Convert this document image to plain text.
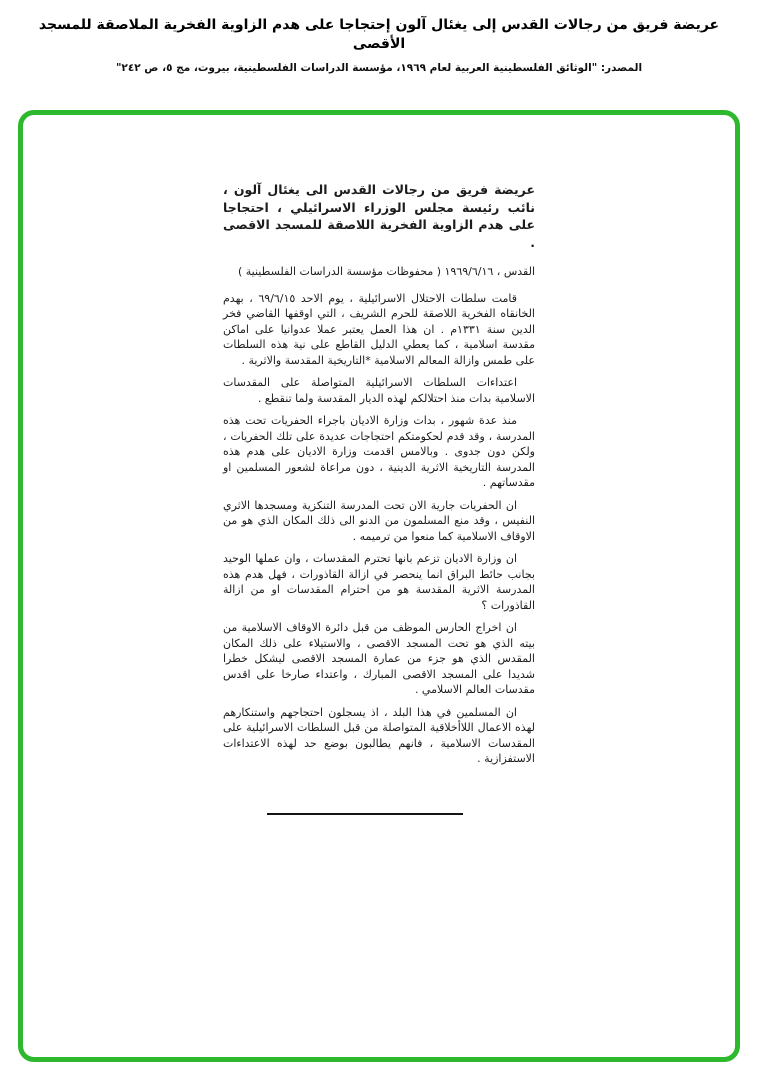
عريضة فريق من رجالات القدس إلى يغئال آلون إحتجاجا على هدم الزاوية الفخرية الملاصقة للمسجد الأقصى
المصدر: "الوثائق الفلسطينية العربية لعام ١٩٦٩، مؤسسة الدراسات الفلسطينية، بيروت، مج ٥، ص ٢٤٢"

عريضة فريق من رجالات القدس الى يغئال آلون ، نائب رئيسة مجلس الوزراء الاسرائيلي ، احتجاجا على هدم الزاوية الفخرية اللاصقة للمسجد الاقصى .

القدس ، ١٩٦٩/٦/١٦ ( محفوظات مؤسسة الدراسات الفلسطينية )

قامت سلطات الاحتلال الاسرائيلية ، يوم الاحد ٦٩/٦/١٥ ، بهدم الخانقاه الفخرية اللاصقة للحرم الشريف ، التي اوقفها القاضي فخر الدين سنة ١٣٣١م . ان هذا العمل يعتبر عملا عدوانيا على اماكن مقدسة اسلامية ، كما يعطي الدليل القاطع على نية هذه السلطات على طمس وازالة المعالم الاسلامية *التاريخية المقدسة والاثرية .

اعتداءات السلطات الاسرائيلية المتواصلة على المقدسات الاسلامية بدات منذ احتلالكم لهذه الديار المقدسة ولما تنقطع .

منذ عدة شهور ، بدات وزارة الاديان باجراء الحفريات تحت هذه المدرسة ، وقد قدم لحكومتكم احتجاجات عديدة على تلك الحفريات ، ولكن دون جدوى . وبالامس اقدمت وزارة الاديان على هدم هذه المدرسة التاريخية الاثرية الدينية ، دون مراعاة لشعور المسلمين او مقدساتهم .

ان الحفريات جارية الان تحت المدرسة التنكزية ومسجدها الاثري النفيس ، وقد منع المسلمون من الدنو الى ذلك المكان الذي هو من الاوقاف الاسلامية كما منعوا من ترميمه .

ان وزارة الاديان تزعم بانها تحترم المقدسات ، وان عملها الوحيد بجانب حائط البراق انما ينحصر في ازالة القاذورات ، فهل هدم هذه المدرسة الاثرية المقدسة هو من احترام المقدسات او من ازالة القاذورات ؟

ان اخراج الحارس الموظف من قبل دائرة الاوقاف الاسلامية من بيته الذي هو تحت المسجد الاقصى ، والاستيلاء على ذلك المكان المقدس الذي هو جزء من عمارة المسجد الاقصى ليشكل خطرا شديدا على المسجد الاقصى المبارك ، واعتداء صارخا على اقدس مقدسات العالم الاسلامي .

ان المسلمين في هذا البلد ، اذ يسجلون احتجاجهم واستنكارهم لهذه الاعمال اللاأخلاقية المتواصلة من قبل السلطات الاسرائيلية على المقدسات الاسلامية ، فانهم يطالبون بوضع حد لهذه الاعتداءات الاستفزازية .
